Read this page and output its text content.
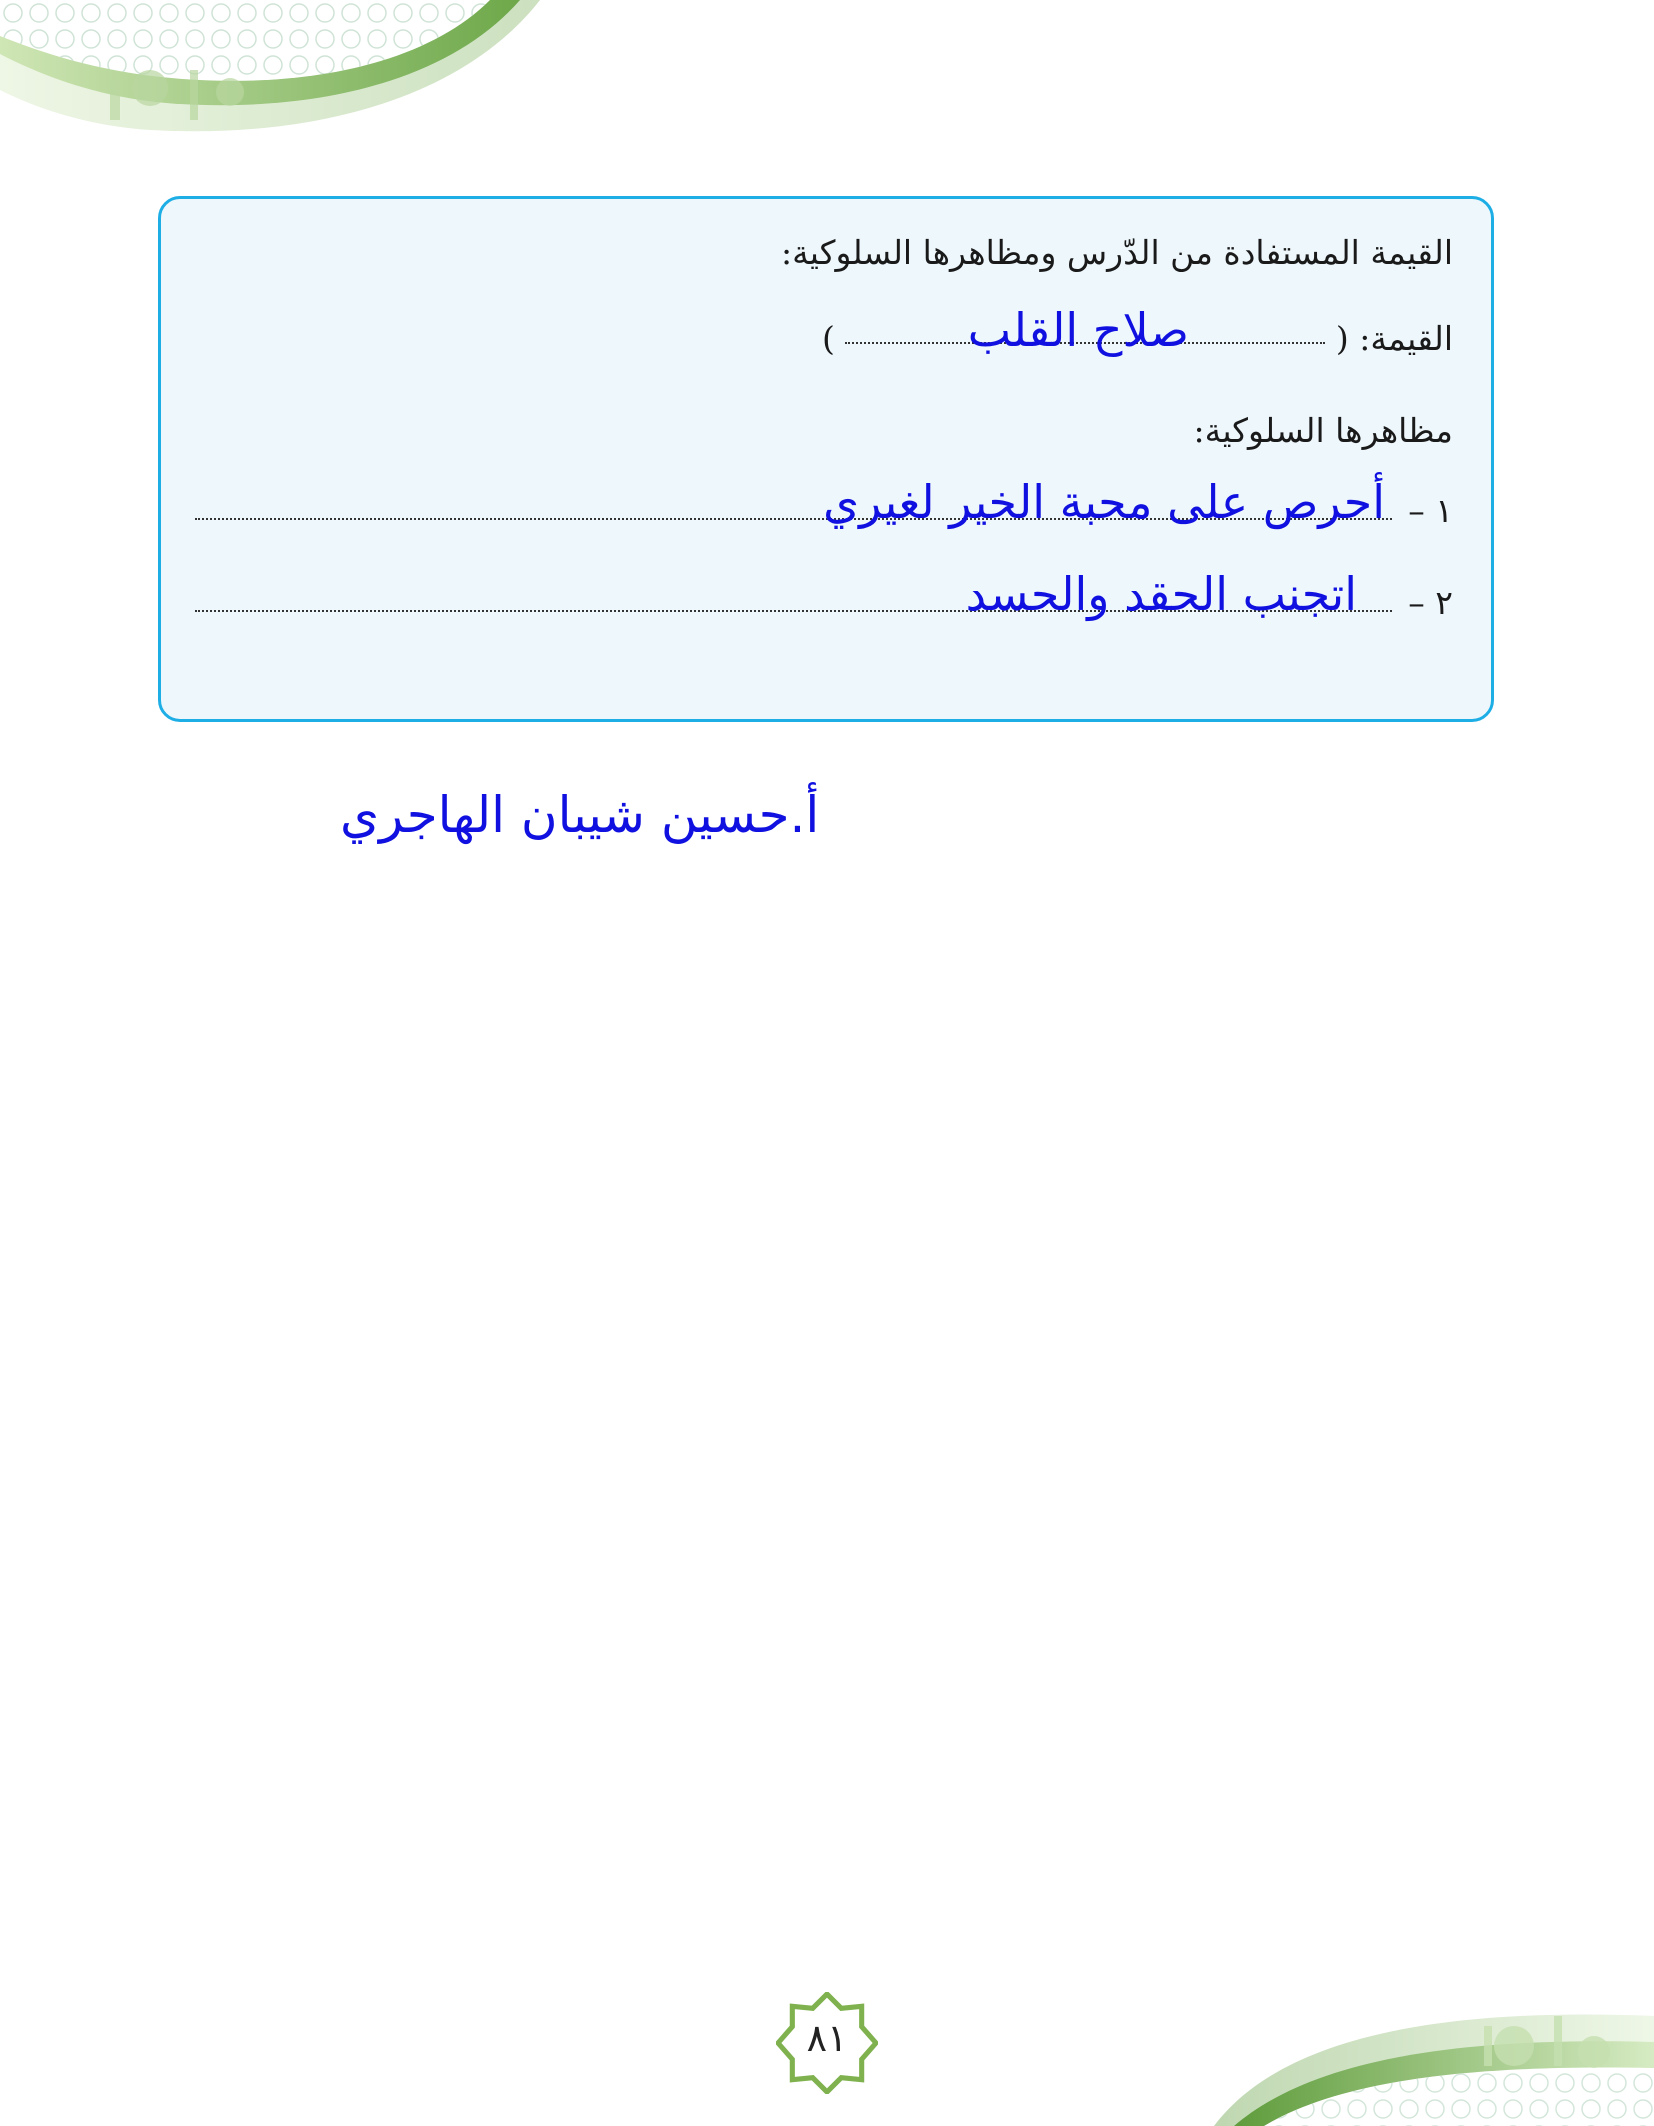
القيمة المستفادة من الدّرس ومظاهرها السلوكية:
القيمة: (  )	صلاح القلب
مظاهرها السلوكية:
١ –
أحرص على محبة الخير لغيري
٢ –
اتجنب الحقد والحسد
أ.حسين شيبان الهاجري
٨١
